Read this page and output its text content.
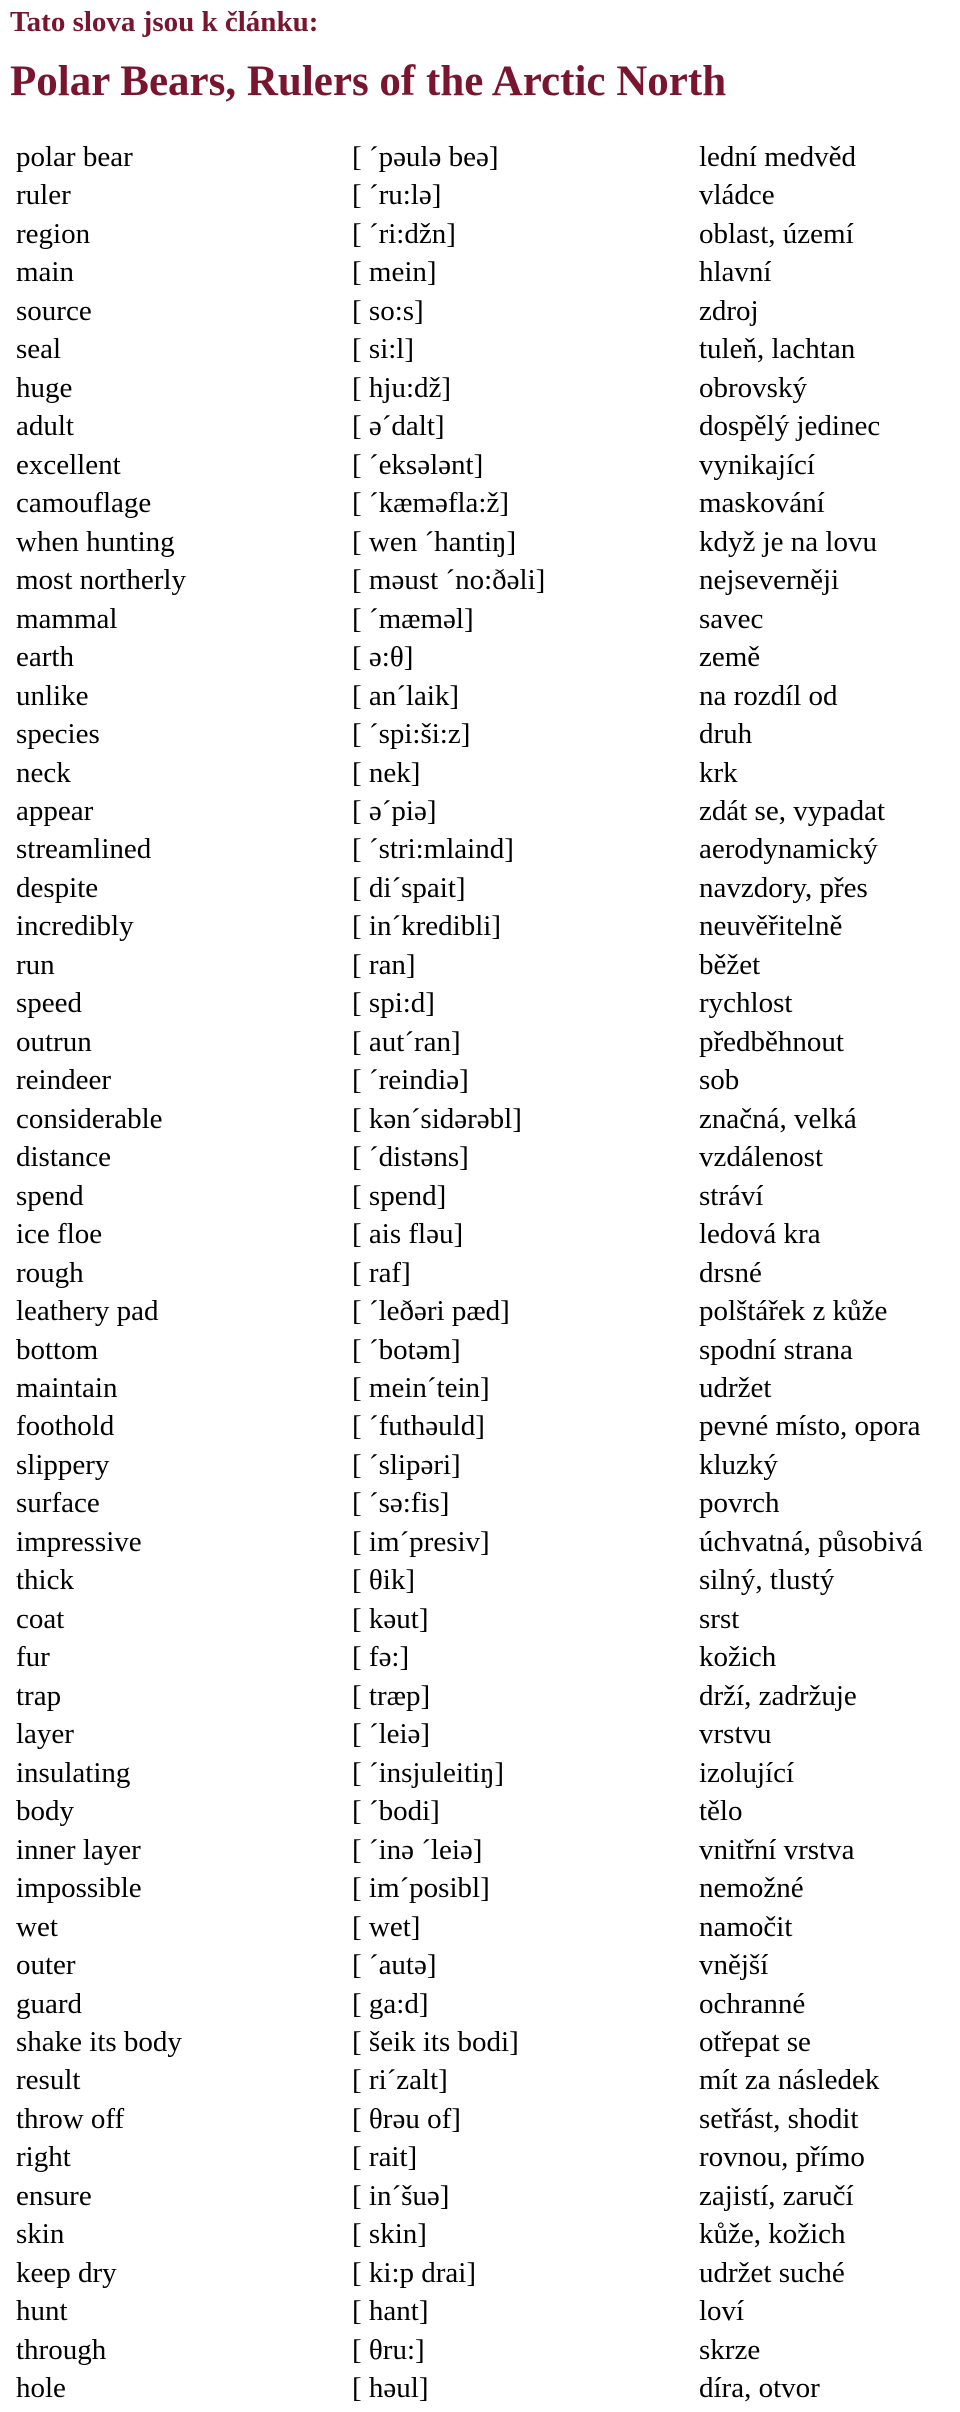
Tato slova jsou k článku:
Polar Bears, Rulers of the Arctic North
polar bear	[ ´pəulə beə]	lední medvěd
ruler	[ ´ru:lə]	vládce
region	[ ´ri:džn]	oblast, území
main	[ mein]	hlavní
source	[ so:s]	zdroj
seal	[ si:l]	tuleň, lachtan
huge	[ hju:dž]	obrovský
adult	[ ə´dalt]	dospělý jedinec
excellent	[ ´eksələnt]	vynikající
camouflage	[ ´kæməfla:ž]	maskování
when hunting	[ wen ´hantiŋ]	když je na lovu
most northerly	[ məust ´no:ðəli]	nejseverněji
mammal	[ ´mæməl]	savec
earth	[ ə:θ]	země
unlike	[ an´laik]	na rozdíl od
species	[ ´spi:ši:z]	druh
neck	[ nek]	krk
appear	[ ə´piə]	zdát se, vypadat
streamlined	[ ´stri:mlaind]	aerodynamický
despite	[ di´spait]	navzdory, přes
incredibly	[ in´kredibli]	neuvěřitelně
run	[ ran]	běžet
speed	[ spi:d]	rychlost
outrun	[ aut´ran]	předběhnout
reindeer	[ ´reindiə]	sob
considerable	[ kən´sidərəbl]	značná, velká
distance	[ ´distəns]	vzdálenost
spend	[ spend]	stráví
ice floe	[ ais fləu]	ledová kra
rough	[ raf]	drsné
leathery pad	[ ´leðəri pæd]	polštářek z kůže
bottom	[ ´botəm]	spodní strana
maintain	[ mein´tein]	udržet
foothold	[ ´futhəuld]	pevné místo, opora
slippery	[ ´slipəri]	kluzký
surface	[ ´sə:fis]	povrch
impressive	[ im´presiv]	úchvatná, působivá
thick	[ θik]	silný, tlustý
coat	[ kəut]	srst
fur	[ fə:]	kožich
trap	[ træp]	drží, zadržuje
layer	[ ´leiə]	vrstvu
insulating	[ ´insjuleitiŋ]	izolující
body	[ ´bodi]	tělo
inner layer	[ ´inə ´leiə]	vnitřní vrstva
impossible	[ im´posibl]	nemožné
wet	[ wet]	namočit
outer	[ ´autə]	vnější
guard	[ ga:d]	ochranné
shake its body	[ šeik its bodi]	otřepat se
result	[ ri´zalt]	mít za následek
throw off	[ θrəu of]	setřást, shodit
right	[ rait]	rovnou, přímo
ensure	[ in´šuə]	zajistí, zaručí
skin	[ skin]	kůže, kožich
keep dry	[ ki:p drai]	udržet suché
hunt	[ hant]	loví
through	[ θru:]	skrze
hole	[ həul]	díra, otvor
